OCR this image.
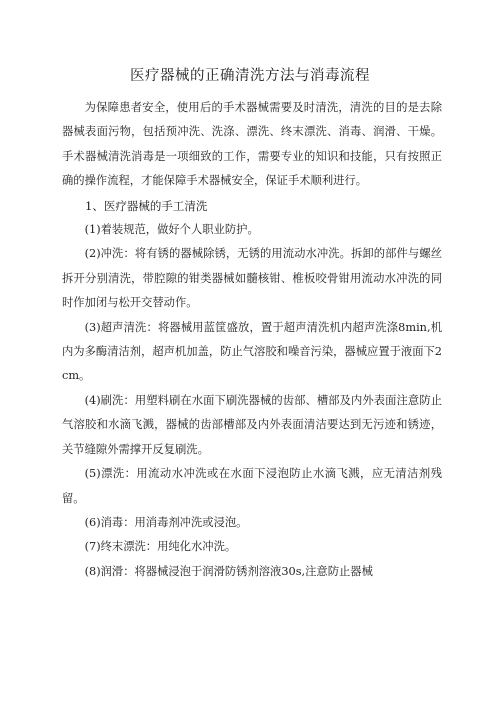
医疗器械的正确清洗方法与消毒流程

为保障患者安全，使用后的手术器械需要及时清洗，清洗的目的是去除器械表面污物，包括预冲洗、洗涤、漂洗、终末漂洗、消毒、润滑、干燥。手术器械清洗消毒是一项细致的工作，需要专业的知识和技能，只有按照正确的操作流程，才能保障手术器械安全，保证手术顺利进行。

1、医疗器械的手工清洗

(1)着装规范，做好个人职业防护。

(2)冲洗：将有锈的器械除锈，无锈的用流动水冲洗。拆卸的部件与螺丝拆开分别清洗，带腔隙的钳类器械如髓核钳、椎板咬骨钳用流动水冲洗的同时作加闭与松开交替动作。

(3)超声清洗：将器械用蓝筐盛放，置于超声清洗机内超声洗涤8min,机内为多酶清洁剂，超声机加盖，防止气溶胶和噪音污染，器械应置于液面下2cm。

(4)刷洗：用塑料刷在水面下刷洗器械的齿部、槽部及内外表面注意防止气溶胶和水滴飞溅，器械的齿部槽部及内外表面清洁要达到无污迹和锈迹，关节缝隙外需撑开反复刷洗。

(5)漂洗：用流动水冲洗或在水面下浸泡防止水滴飞溅，应无清洁剂残留。

(6)消毒：用消毒剂冲洗或浸泡。

(7)终末漂洗：用纯化水冲洗。

(8)润滑：将器械浸泡于润滑防锈剂溶液30s,注意防止器械
